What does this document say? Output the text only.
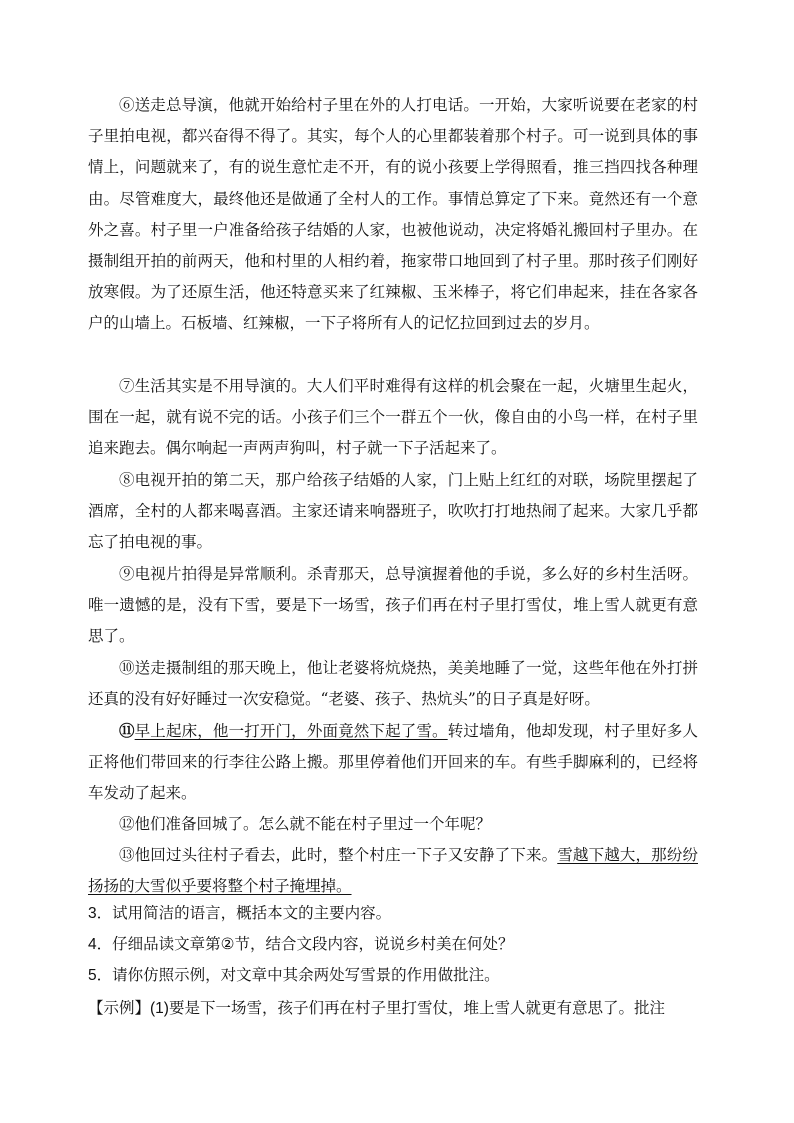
⑥送走总导演，他就开始给村子里在外的人打电话。一开始，大家听说要在老家的村子里拍电视，都兴奋得不得了。其实，每个人的心里都装着那个村子。可一说到具体的事情上，问题就来了，有的说生意忙走不开，有的说小孩要上学得照看，推三挡四找各种理由。尽管难度大，最终他还是做通了全村人的工作。事情总算定了下来。竟然还有一个意外之喜。村子里一户准备给孩子结婚的人家，也被他说动，决定将婚礼搬回村子里办。在摄制组开拍的前两天，他和村里的人相约着，拖家带口地回到了村子里。那时孩子们刚好放寒假。为了还原生活，他还特意买来了红辣椒、玉米棒子，将它们串起来，挂在各家各户的山墙上。石板墙、红辣椒，一下子将所有人的记忆拉回到过去的岁月。

⑦生活其实是不用导演的。大人们平时难得有这样的机会聚在一起，火塘里生起火，围在一起，就有说不完的话。小孩子们三个一群五个一伙，像自由的小鸟一样，在村子里追来跑去。偶尔响起一声两声狗叫，村子就一下子活起来了。

⑧电视开拍的第二天，那户给孩子结婚的人家，门上贴上红红的对联，场院里摆起了酒席，全村的人都来喝喜酒。主家还请来响器班子，吹吹打打地热闹了起来。大家几乎都忘了拍电视的事。

⑨电视片拍得是异常顺利。杀青那天，总导演握着他的手说，多么好的乡村生活呀。唯一遗憾的是，没有下雪，要是下一场雪，孩子们再在村子里打雪仗，堆上雪人就更有意思了。

⑩送走摄制组的那天晚上，他让老婆将炕烧热，美美地睡了一觉，这些年他在外打拼还真的没有好好睡过一次安稳觉。“老婆、孩子、热炕头”的日子真是好呀。

⑪早上起床，他一打开门，外面竟然下起了雪。转过墙角，他却发现，村子里好多人正将他们带回来的行李往公路上搬。那里停着他们开回来的车。有些手脚麻利的，已经将车发动了起来。

⑫他们准备回城了。怎么就不能在村子里过一个年呢？

⑬他回过头往村子看去，此时，整个村庄一下子又安静了下来。雪越下越大，那纷纷扬扬的大雪似乎要将整个村子掩埋掉。

3．试用简洁的语言，概括本文的主要内容。

4．仔细品读文章第②节，结合文段内容，说说乡村美在何处？

5．请你仿照示例，对文章中其余两处写雪景的作用做批注。

【示例】(1)要是下一场雪，孩子们再在村子里打雪仗，堆上雪人就更有意思了。批注
